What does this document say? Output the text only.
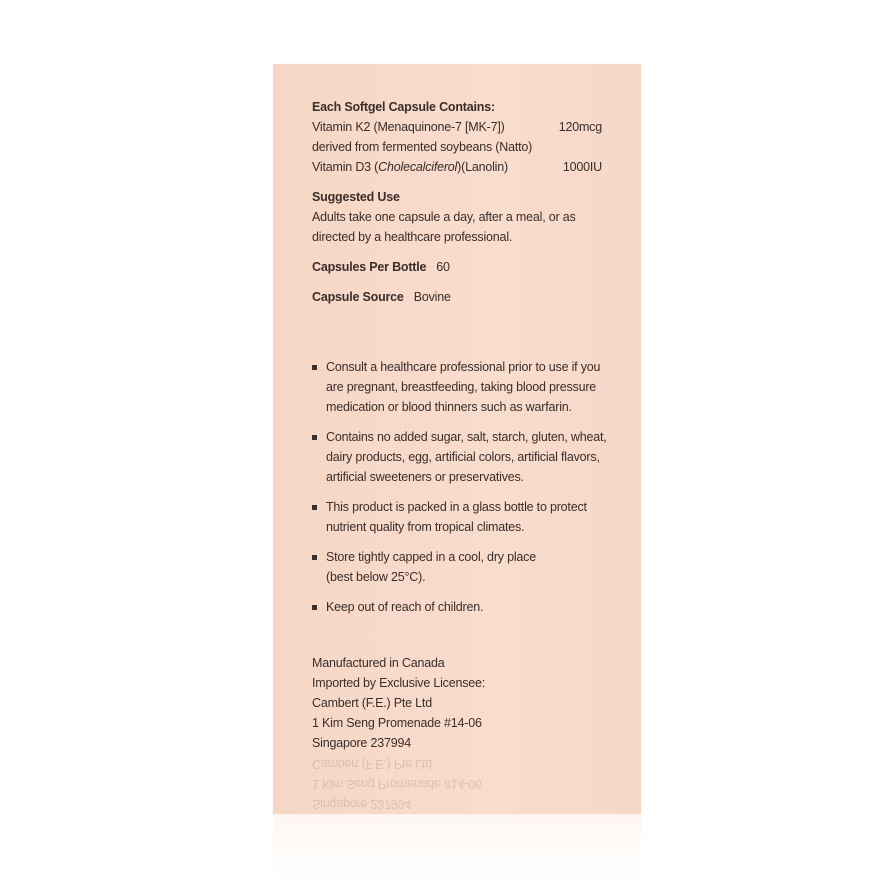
Each Softgel Capsule Contains:
Vitamin K2 (Menaquinone-7 [MK-7])	120mcg
derived from fermented soybeans (Natto)
Vitamin D3 (Cholecalciferol)(Lanolin)	1000IU
Suggested Use
Adults take one capsule a day, after a meal, or as
directed by a healthcare professional.
Capsules Per Bottle 60
Capsule Source Bovine
Consult a healthcare professional prior to use if you
are pregnant, breastfeeding, taking blood pressure
medication or blood thinners such as warfarin.
Contains no added sugar, salt, starch, gluten, wheat,
dairy products, egg, artificial colors, artificial flavors,
artificial sweeteners or preservatives.
This product is packed in a glass bottle to protect
nutrient quality from tropical climates.
Store tightly capped in a cool, dry place
(best below 25°C).
Keep out of reach of children.
Manufactured in Canada
Imported by Exclusive Licensee:
Cambert (F.E.) Pte Ltd
1 Kim Seng Promenade #14-06
Singapore 237994
Singapore 237994
1 Kim Seng Promenade #14-06
Cambert (F.E.) Pte Ltd
